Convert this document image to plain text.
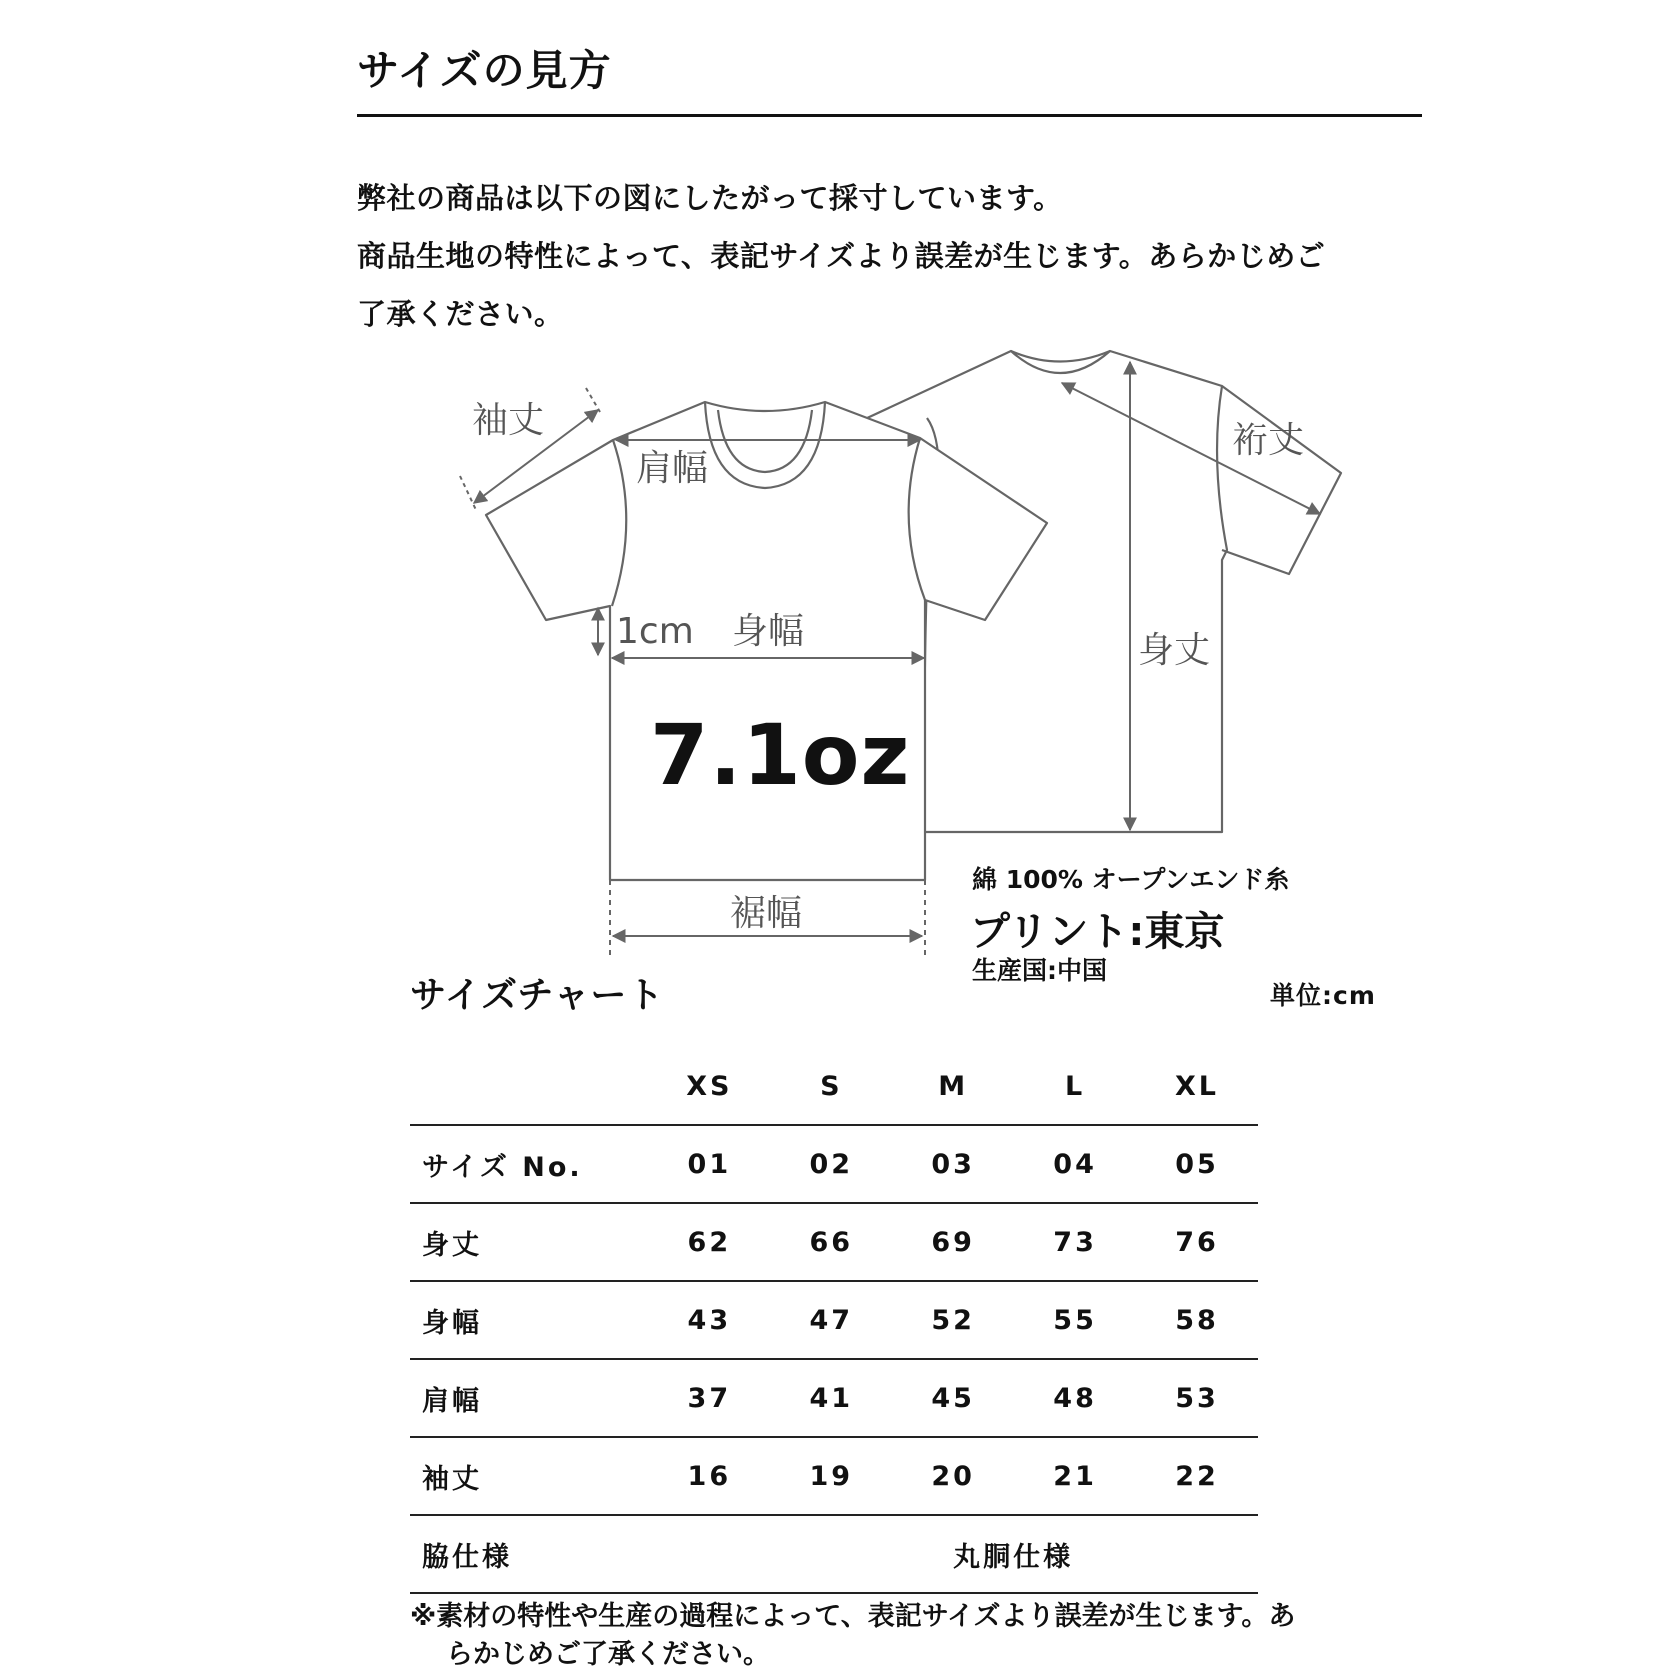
サイズの見方
弊社の商品は以下の図にしたがって採寸しています。
商品生地の特性によって、表記サイズより誤差が生じます。あらかじめご
了承ください。
袖丈
肩幅
裄丈
1cm 身幅	身丈
裾幅
7.1oz
綿 100% オープンエンド糸
プリント:東京
生産国:中国
サイズチャート	単位:cm
	XS	S	M	L	XL
サイズ No.	01	02	03	04	05
身丈	62	66	69	73	76
身幅	43	47	52	55	58
肩幅	37	41	45	48	53
袖丈	16	19	20	21	22
脇仕様	丸胴仕様				
※素材の特性や生産の過程によって、表記サイズより誤差が生じます。あ
らかじめご了承ください。
